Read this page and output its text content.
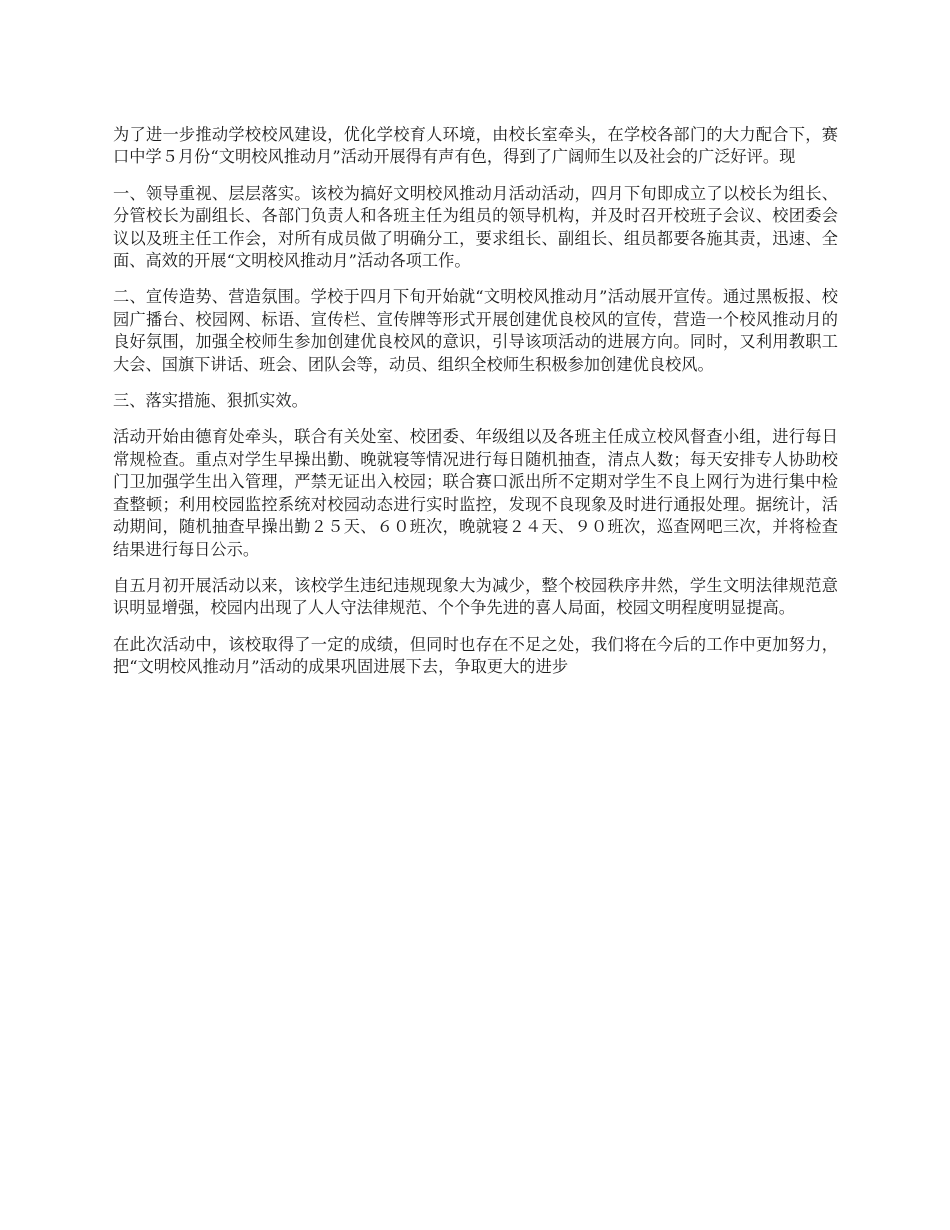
为了进一步推动学校校风建设，优化学校育人环境，由校长室牵头，在学校各部门的大力配合下，赛口中学５月份“文明校风推动月”活动开展得有声有色，得到了广阔师生以及社会的广泛好评。现

一、领导重视、层层落实。该校为搞好文明校风推动月活动活动，四月下旬即成立了以校长为组长、分管校长为副组长、各部门负责人和各班主任为组员的领导机构，并及时召开校班子会议、校团委会议以及班主任工作会，对所有成员做了明确分工，要求组长、副组长、组员都要各施其责，迅速、全面、高效的开展“文明校风推动月”活动各项工作。

二、宣传造势、营造氛围。学校于四月下旬开始就“文明校风推动月”活动展开宣传。通过黑板报、校园广播台、校园网、标语、宣传栏、宣传牌等形式开展创建优良校风的宣传，营造一个校风推动月的良好氛围，加强全校师生参加创建优良校风的意识，引导该项活动的进展方向。同时，又利用教职工大会、国旗下讲话、班会、团队会等，动员、组织全校师生积极参加创建优良校风。

三、落实措施、狠抓实效。

活动开始由德育处牵头，联合有关处室、校团委、年级组以及各班主任成立校风督查小组，进行每日常规检查。重点对学生早操出勤、晚就寝等情况进行每日随机抽查，清点人数；每天安排专人协助校门卫加强学生出入管理，严禁无证出入校园；联合赛口派出所不定期对学生不良上网行为进行集中检查整顿；利用校园监控系统对校园动态进行实时监控，发现不良现象及时进行通报处理。据统计，活动期间，随机抽查早操出勤２５天、６０班次，晚就寝２４天、９０班次，巡查网吧三次，并将检查结果进行每日公示。

自五月初开展活动以来，该校学生违纪违规现象大为减少，整个校园秩序井然，学生文明法律规范意识明显增强，校园内出现了人人守法律规范、个个争先进的喜人局面，校园文明程度明显提高。

在此次活动中，该校取得了一定的成绩，但同时也存在不足之处，我们将在今后的工作中更加努力，把“文明校风推动月”活动的成果巩固进展下去，争取更大的进步
